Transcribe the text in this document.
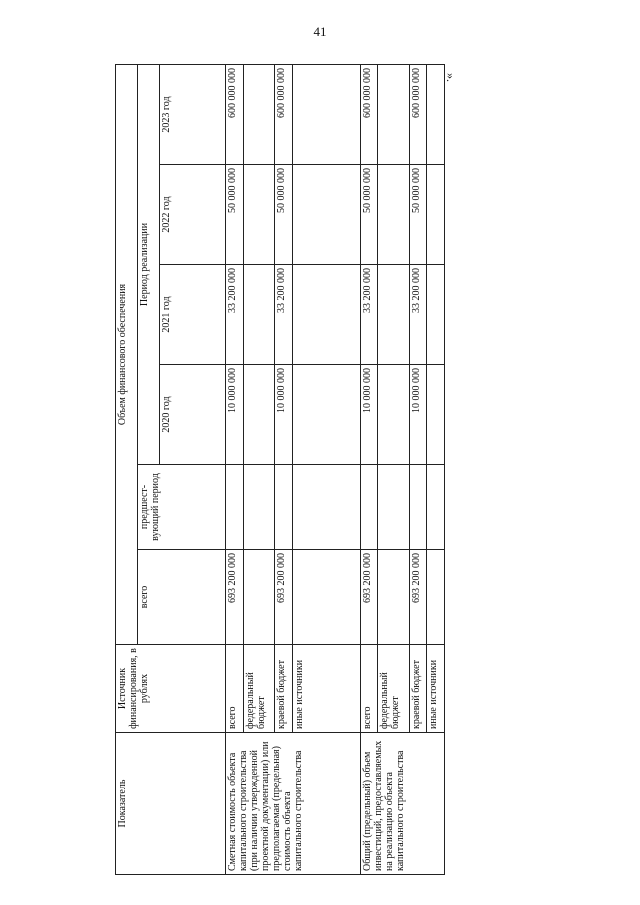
41
».
Показатель	Источник финансирования, в рублях	Объем финансового обеспечения					
		всего	предшест-вующий период	Период реализации			
				2020 год	2021 год	2022 год	2023 год
Сметная стоимость объекта капитального строительства (при наличии утвержденной проектной документации) или предполагаемая (предельная) стоимость объекта капитального строительства	всего	693 200 000		10 000 000	33 200 000	50 000 000	600 000 000
	федеральный бюджет						
	краевой бюджет	693 200 000		10 000 000	33 200 000	50 000 000	600 000 000
	иные источники						
Общий (предельный) объем инвестиций, предоставляемых на реализацию объекта капитального строительства	всего	693 200 000		10 000 000	33 200 000	50 000 000	600 000 000
	федеральный бюджет						
	краевой бюджет	693 200 000		10 000 000	33 200 000	50 000 000	600 000 000
	иные источники						
